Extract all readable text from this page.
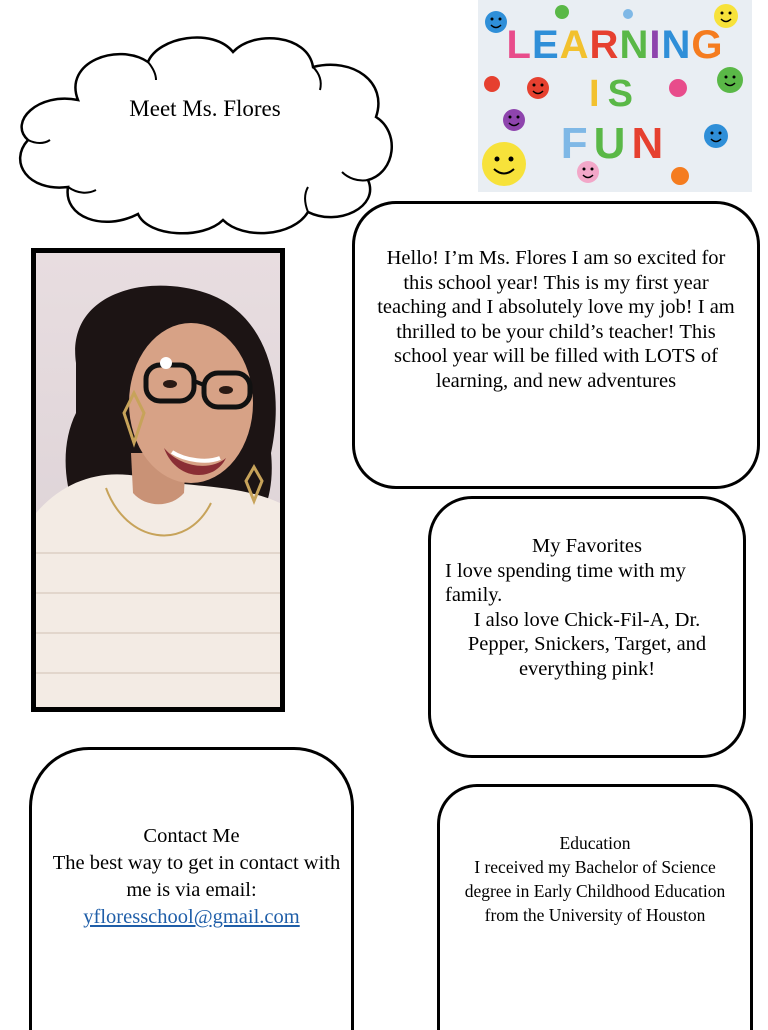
Meet Ms. Flores
LEARNING
IS
FUN
Hello! I’m Ms. Flores I am so excited for this school year! This is my first year teaching and I absolutely love my job! I am thrilled to be your child’s teacher! This school year will be filled with LOTS of learning, and new adventures
My Favorites
I love spending time with my
family.
I also love Chick-Fil-A, Dr. Pepper, Snickers, Target, and everything pink!
Contact Me
The best way to get in contact with
me is via email:
yfloresschool@gmail.com
Education
I received my Bachelor of Science degree in Early Childhood Education from the University of Houston
